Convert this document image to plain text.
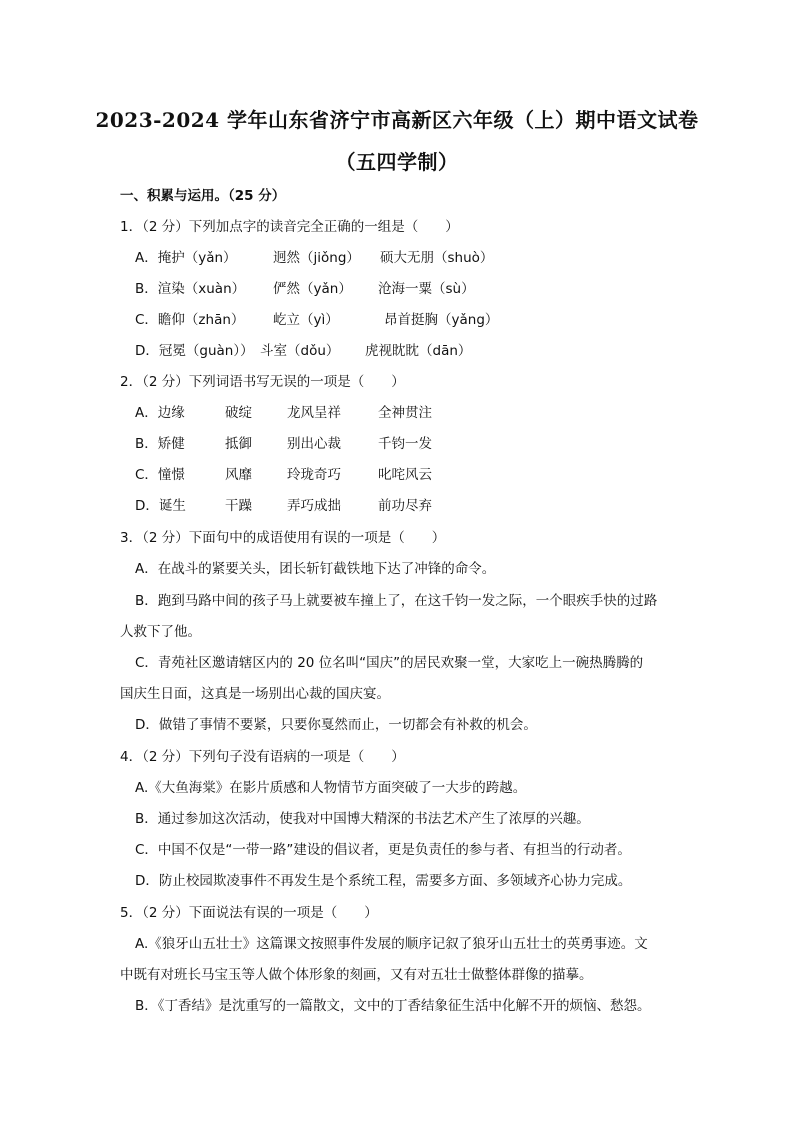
2023-2024 学年山东省济宁市高新区六年级（上）期中语文试卷
（五四学制）
一、积累与运用。（25 分）
1．（2 分）下列加点字的读音完全正确的一组是（　　）
A．掩护（yǎn）	迥然（jiǒng） 硕大无朋（shuò）
B．渲染（xuàn） 俨然（yǎn） 沧海一粟（sù）
C．瞻仰（zhān） 屹立（yì）	昂首挺胸（yǎng）
D．冠冕（guàn）） 斗室（dǒu） 虎视眈眈（dān）
2．（2 分）下列词语书写无误的一项是（　　）
A．边缘	破绽	龙风呈祥	全神贯注
B．矫健	抵御	别出心裁	千钧一发
C．憧憬	风靡	玲珑奇巧	叱咤风云
D．诞生	干躁	弄巧成拙	前功尽弃
3．（2 分）下面句中的成语使用有误的一项是（　　）
A．在战斗的紧要关头，团长斩钉截铁地下达了冲锋的命令。
B．跑到马路中间的孩子马上就要被车撞上了，在这千钧一发之际，一个眼疾手快的过路
人救下了他。
C．青苑社区邀请辖区内的 20 位名叫“国庆”的居民欢聚一堂，大家吃上一碗热腾腾的
国庆生日面，这真是一场别出心裁的国庆宴。
D．做错了事情不要紧，只要你戛然而止，一切都会有补救的机会。
4．（2 分）下列句子没有语病的一项是（　　）
A.《大鱼海棠》在影片质感和人物情节方面突破了一大步的跨越。
B．通过参加这次活动，使我对中国博大精深的书法艺术产生了浓厚的兴趣。
C．中国不仅是“一带一路”建设的倡议者，更是负责任的参与者、有担当的行动者。
D．防止校园欺凌事件不再发生是个系统工程，需要多方面、多领域齐心协力完成。
5．（2 分）下面说法有误的一项是（　　）
A.《狼牙山五壮士》这篇课文按照事件发展的顺序记叙了狼牙山五壮士的英勇事迹。文
中既有对班长马宝玉等人做个体形象的刻画，又有对五壮士做整体群像的描摹。
B．《丁香结》是沈重写的一篇散文，文中的丁香结象征生活中化解不开的烦恼、愁怨。
